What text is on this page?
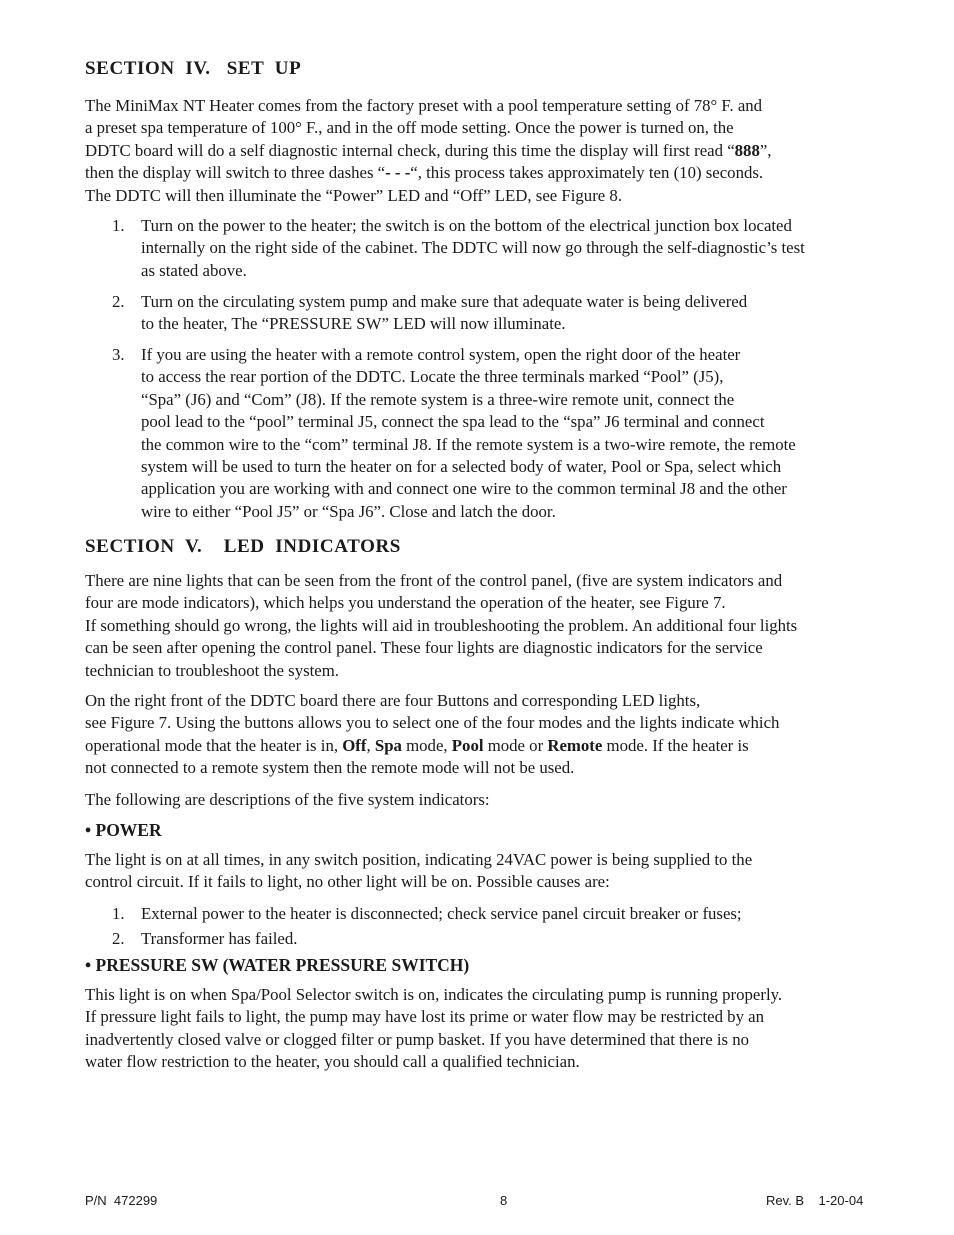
SECTION  IV.   SET  UP

The MiniMax NT Heater comes from the factory preset with a pool temperature setting of 78° F. and
a preset spa temperature of 100° F., and in the off mode setting. Once the power is turned on, the
DDTC board will do a self diagnostic internal check, during this time the display will first read “888”,
then the display will switch to three dashes “- - -“, this process takes approximately ten (10) seconds.
The DDTC will then illuminate the “Power” LED and “Off” LED, see Figure 8.

1. Turn on the power to the heater; the switch is on the bottom of the electrical junction box located
internally on the right side of the cabinet. The DDTC will now go through the self-diagnostic’s test
as stated above.
2. Turn on the circulating system pump and make sure that adequate water is being delivered
to the heater, The “PRESSURE SW” LED will now illuminate.
3. If you are using the heater with a remote control system, open the right door of the heater
to access the rear portion of the DDTC. Locate the three terminals marked “Pool” (J5),
“Spa” (J6) and “Com” (J8). If the remote system is a three-wire remote unit, connect the
pool lead to the “pool” terminal J5, connect the spa lead to the “spa” J6 terminal and connect
the common wire to the “com” terminal J8. If the remote system is a two-wire remote, the remote
system will be used to turn the heater on for a selected body of water, Pool or Spa, select which
application you are working with and connect one wire to the common terminal J8 and the other
wire to either “Pool J5” or “Spa J6”. Close and latch the door.
SECTION  V.    LED  INDICATORS

There are nine lights that can be seen from the front of the control panel, (five are system indicators and
four are mode indicators), which helps you understand the operation of the heater, see Figure 7.
If something should go wrong, the lights will aid in troubleshooting the problem. An additional four lights
can be seen after opening the control panel. These four lights are diagnostic indicators for the service
technician to troubleshoot the system.

On the right front of the DDTC board there are four Buttons and corresponding LED lights,
see Figure 7. Using the buttons allows you to select one of the four modes and the lights indicate which
operational mode that the heater is in, Off, Spa mode, Pool mode or Remote mode. If the heater is
not connected to a remote system then the remote mode will not be used.

The following are descriptions of the five system indicators:

• POWER

The light is on at all times, in any switch position, indicating 24VAC power is being supplied to the
control circuit. If it fails to light, no other light will be on. Possible causes are:

1. External power to the heater is disconnected; check service panel circuit breaker or fuses;
2. Transformer has failed.
• PRESSURE SW (WATER PRESSURE SWITCH)

This light is on when Spa/Pool Selector switch is on, indicates the circulating pump is running properly.
If pressure light fails to light, the pump may have lost its prime or water flow may be restricted by an
inadvertently closed valve or clogged filter or pump basket. If you have determined that there is no
water flow restriction to the heater, you should call a qualified technician.

P/N  472299	8	Rev. B    1-20-04
